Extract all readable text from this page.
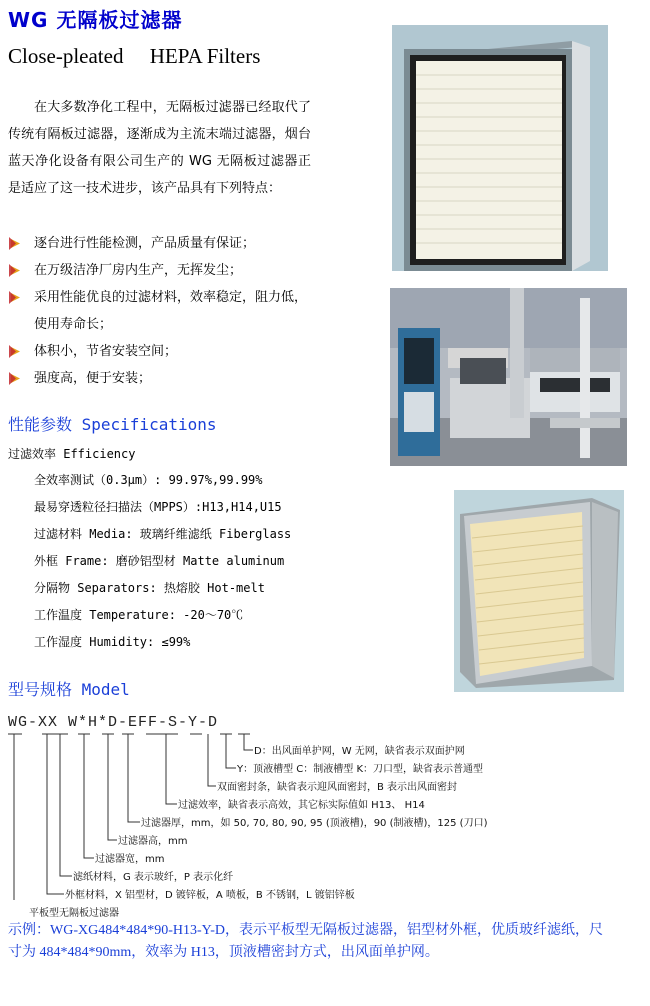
WG 无隔板过滤器
Close-pleated     HEPA Filters
在大多数净化工程中，无隔板过滤器已经取代了传统有隔板过滤器，逐渐成为主流末端过滤器，烟台蓝天净化设备有限公司生产的 WG 无隔板过滤器正是适应了这一技术进步，该产品具有下列特点：
逐台进行性能检测，产品质量有保证；
在万级洁净厂房内生产，无挥发尘；
采用性能优良的过滤材料，效率稳定，阻力低，使用寿命长；
体积小，节省安装空间；
强度高，便于安装；
性能参数 Specifications
过滤效率 Efficiency
全效率测试（0.3μm）: 99.97%,99.99%
最易穿透粒径扫描法（MPPS）:H13,H14,U15
过滤材料 Media: 玻璃纤维滤纸 Fiberglass
外框 Frame: 磨砂铝型材 Matte aluminum
分隔物 Separators: 热熔胶 Hot-melt
工作温度 Temperature: -20～70℃
工作湿度 Humidity: ≤99%
型号规格 Model
WG-XX W*H*D-EFF-S-Y-D
D：出风面单护网，W 无网，缺省表示双面护网
Y：顶液槽型 C：制液槽型 K：刀口型，缺省表示普通型
双面密封条，缺省表示迎风面密封，B 表示出风面密封
过滤效率，缺省表示高效，其它标实际值如 H13、 H14
过滤器厚，mm，如 50, 70, 80, 90, 95 (顶液槽)，90 (制液槽)，125 (刀口)
过滤器高，mm
过滤器宽，mm
滤纸材料，G 表示玻纤，P 表示化纤
外框材料，X 铝型材，D 镀锌板，A 喷板，B 不锈钢，L 镀铝锌板
平板型无隔板过滤器
示例：WG-XG484*484*90-H13-Y-D，表示平板型无隔板过滤器，铝型材外框，优质玻纤滤纸，尺寸为 484*484*90mm，效率为 H13，顶液槽密封方式，出风面单护网。
